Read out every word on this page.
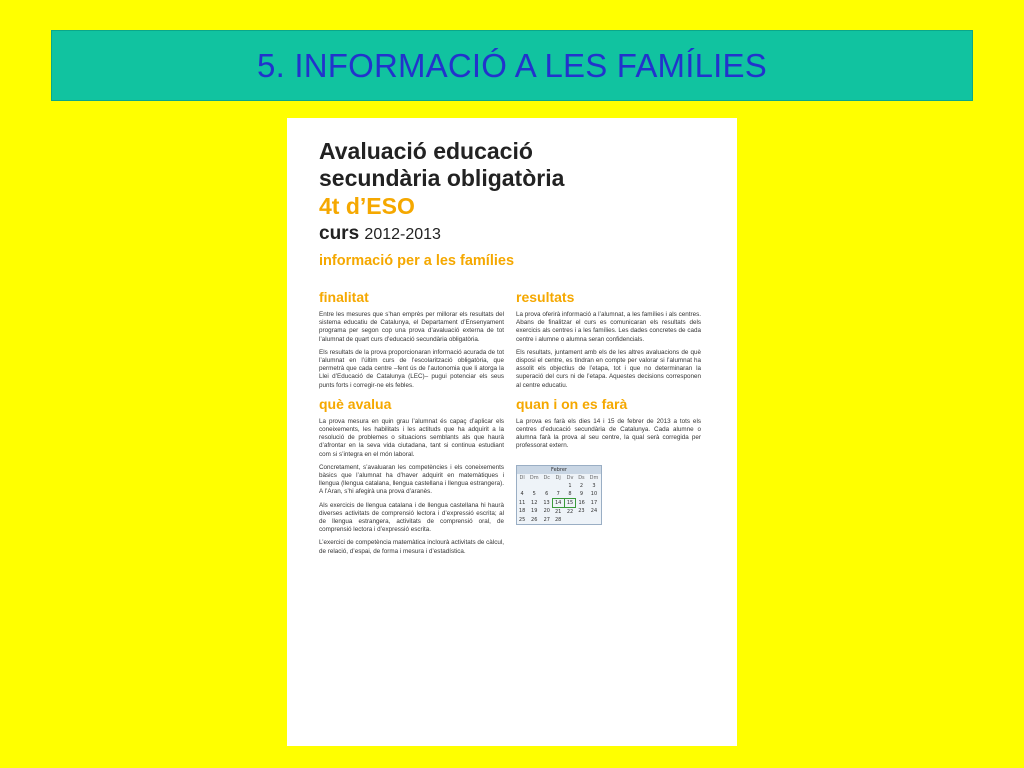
5. INFORMACIÓ A LES FAMÍLIES
Avaluació educació
secundària obligatòria
4t d’ESO
curs 2012-2013
informació per a les famílies
finalitat
Entre les mesures que s’han emprès per millorar els resultats del sistema educatiu de Catalunya, el Departament d’Ensenyament programa per segon cop una prova d’avaluació externa de tot l’alumnat de quart curs d’educació secundària obligatòria.
Els resultats de la prova proporcionaran informació acurada de tot l’alumnat en l’últim curs de l’escolarització obligatòria, que permetrà que cada centre –fent ús de l’autonomia que li atorga la Llei d’Educació de Catalunya (LEC)– pugui potenciar els seus punts forts i corregir-ne els febles.
què avalua
La prova mesura en quin grau l’alumnat és capaç d’aplicar els coneixements, les habilitats i les actituds que ha adquirit a la resolució de problemes o situacions semblants als que haurà d’afrontar en la seva vida ciutadana, tant si continua estudiant com si s’integra en el món laboral.
Concretament, s’avaluaran les competències i els coneixements bàsics que l’alumnat ha d’haver adquirit en matemàtiques i llengua (llengua catalana, llengua castellana i llengua estrangera). A l’Aran, s’hi afegirà una prova d’aranès.
Als exercicis de llengua catalana i de llengua castellana hi haurà diverses activitats de comprensió lectora i d’expressió escrita; al de llengua estrangera, activitats de comprensió oral, de comprensió lectora i d’expressió escrita.
L’exercici de competència matemàtica inclourà activitats de càlcul, de relació, d’espai, de forma i mesura i d’estadística.
resultats
La prova oferirà informació a l’alumnat, a les famílies i als centres. Abans de finalitzar el curs es comunicaran els resultats dels exercicis als centres i a les famílies. Les dades concretes de cada centre i alumne o alumna seran confidencials.
Els resultats, juntament amb els de les altres avaluacions de què disposi el centre, es tindran en compte per valorar si l’alumnat ha assolit els objectius de l’etapa, tot i que no determinaran la superació del curs ni de l’etapa. Aquestes decisions corresponen al centre educatiu.
quan i on es farà
La prova es farà els dies 14 i 15 de febrer de 2013 a tots els centres d’educació secundària de Catalunya. Cada alumne o alumna farà la prova al seu centre, la qual serà corregida per professorat extern.
Febrer
Dl	Dm	Dc	Dj	Dv	Ds	Dm
				1	2	3
4	5	6	7	8	9	10
11	12	13	14	15	16	17
18	19	20	21	22	23	24
25	26	27	28			
